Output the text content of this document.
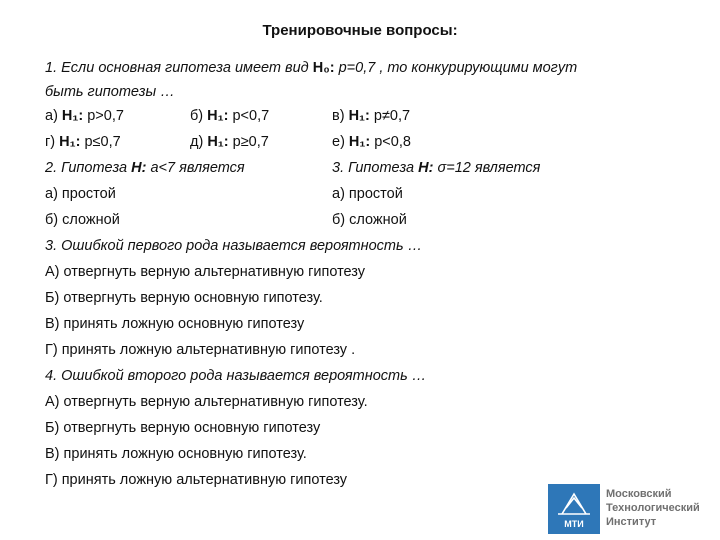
Тренировочные вопросы:
1. Если основная гипотеза имеет вид H₀: p=0,7 , то конкурирующими могут
быть гипотезы …
а) H₁: p>0,7	б) H₁: p<0,7	в) H₁: p≠0,7
г) H₁: p≤0,7	д) H₁: p≥0,7	е) H₁: p<0,8
2. Гипотеза H: a<7 является	3. Гипотеза H: σ=12 является
а) простой	а) простой
б) сложной	б) сложной
3. Ошибкой первого рода называется вероятность …
А) отвергнуть верную альтернативную гипотезу
Б) отвергнуть верную основную гипотезу.
В) принять ложную основную гипотезу
Г) принять ложную альтернативную гипотезу .
4. Ошибкой второго рода называется вероятность …
А) отвергнуть верную альтернативную гипотезу.
Б) отвергнуть верную основную гипотезу
В) принять ложную основную гипотезу.
Г) принять ложную альтернативную гипотезу
МТИ
Московский
Технологический
Институт
